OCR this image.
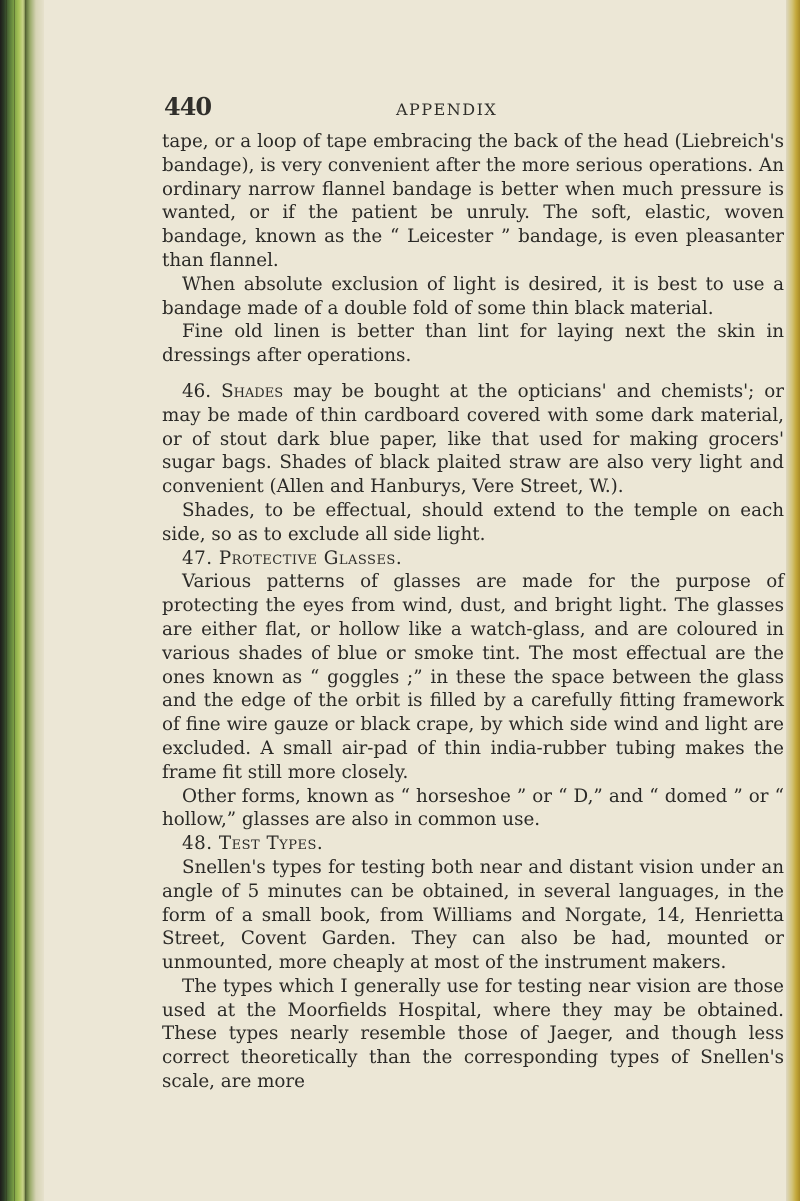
440	APPENDIX

tape, or a loop of tape embracing the back of the head (Liebreich's bandage), is very convenient after the more serious operations. An ordinary narrow flannel bandage is better when much pressure is wanted, or if the patient be unruly. The soft, elastic, woven bandage, known as the “ Leicester ” bandage, is even pleasanter than flannel.

When absolute exclusion of light is desired, it is best to use a bandage made of a double fold of some thin black material.

Fine old linen is better than lint for laying next the skin in dressings after operations.

46. Shades may be bought at the opticians' and chemists'; or may be made of thin cardboard covered with some dark material, or of stout dark blue paper, like that used for making grocers' sugar bags. Shades of black plaited straw are also very light and convenient (Allen and Hanburys, Vere Street, W.).

Shades, to be effectual, should extend to the temple on each side, so as to exclude all side light.

47. Protective Glasses.

Various patterns of glasses are made for the purpose of protecting the eyes from wind, dust, and bright light. The glasses are either flat, or hollow like a watch-glass, and are coloured in various shades of blue or smoke tint. The most effectual are the ones known as “ goggles ;” in these the space between the glass and the edge of the orbit is filled by a carefully fitting framework of fine wire gauze or black crape, by which side wind and light are excluded. A small air-pad of thin india-rubber tubing makes the frame fit still more closely.

Other forms, known as “ horseshoe ” or “ D,” and “ domed ” or “ hollow,” glasses are also in common use.

48. Test Types.

Snellen's types for testing both near and distant vision under an angle of 5 minutes can be obtained, in several languages, in the form of a small book, from Williams and Norgate, 14, Henrietta Street, Covent Garden. They can also be had, mounted or unmounted, more cheaply at most of the instrument makers.

The types which I generally use for testing near vision are those used at the Moorfields Hospital, where they may be obtained. These types nearly resemble those of Jaeger, and though less correct theoretically than the corresponding types of Snellen's scale, are more
